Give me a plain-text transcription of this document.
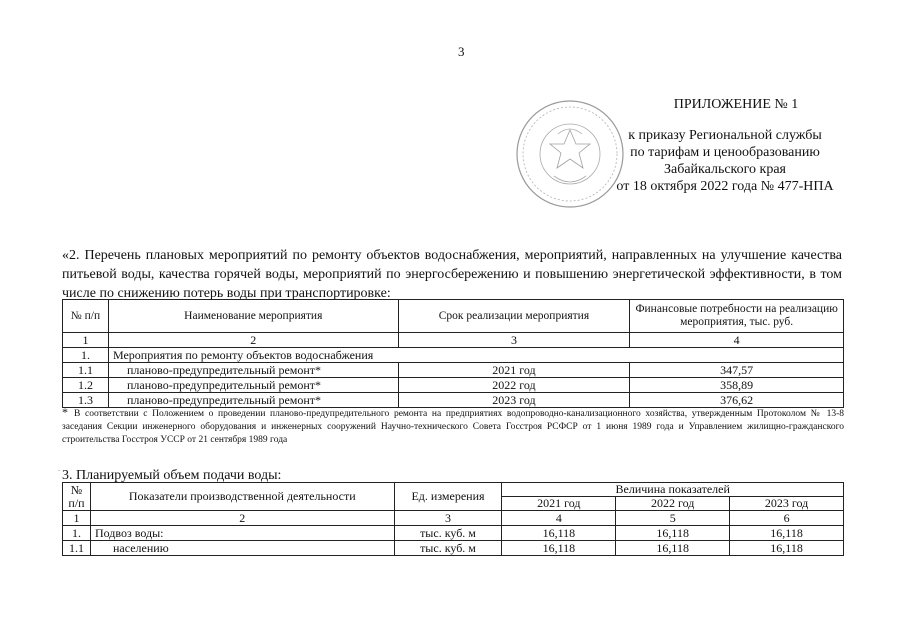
3
ПРИЛОЖЕНИЕ № 1
к приказу Региональной службы
по тарифам и ценообразованию
Забайкальского края
от 18 октября 2022 года № 477-НПА
«2. Перечень плановых мероприятий по ремонту объектов водоснабжения, мероприятий, направленных на улучшение качества питьевой воды, качества горячей воды, мероприятий по энергосбережению и повышению энергетической эффективности, в том числе по снижению потерь воды при транспортировке:
№ п/п	Наименование мероприятия	Срок реализации мероприятия	Финансовые потребности на реализацию мероприятия, тыс. руб.
1	2	3	4
1.	Мероприятия по ремонту объектов водоснабжения		
1.1	планово-предупредительный ремонт*	2021 год	347,57
1.2	планово-предупредительный ремонт*	2022 год	358,89
1.3	планово-предупредительный ремонт*	2023 год	376,62
* В соответствии с Положением о проведении планово-предупредительного ремонта на предприятиях водопроводно-канализационного хозяйства, утвержденным Протоколом № 13-8 заседания Секции инженерного оборудования и инженерных сооружений Научно-технического Совета Госстроя РСФСР от 1 июня 1989 года и Управлением жилищно-гражданского строительства Госстроя УССР от 21 сентября 1989 года
. 3. Планируемый объем подачи воды:
№ п/п	Показатели производственной деятельности	Ед. измерения	Величина показателей		
			2021 год	2022 год	2023 год
1	2	3	4	5	6
1.	Подвоз воды:	тыс. куб. м	16,118	16,118	16,118
1.1	населению	тыс. куб. м	16,118	16,118	16,118
